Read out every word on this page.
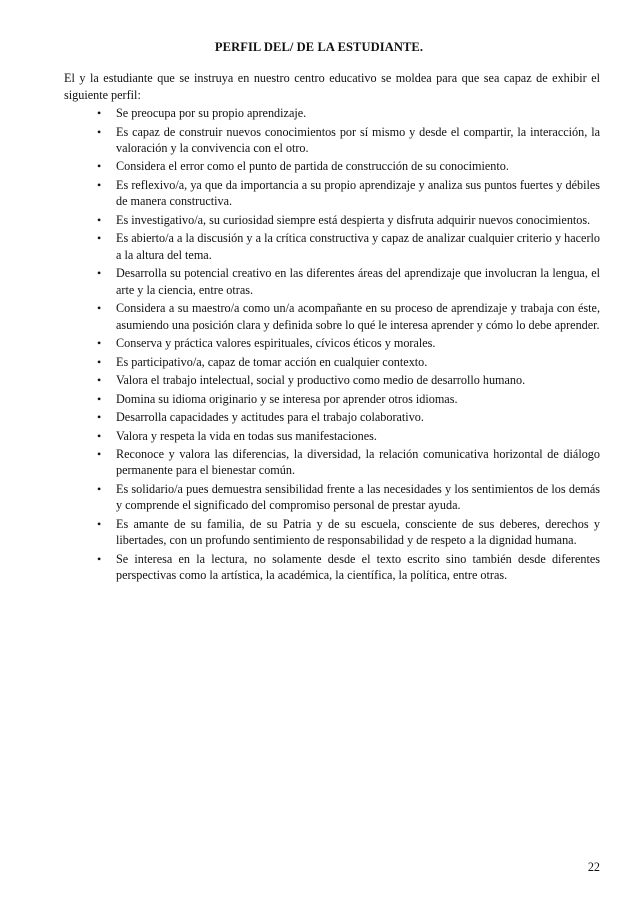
PERFIL DEL/ DE LA ESTUDIANTE.

El y la estudiante que se instruya en nuestro centro educativo se moldea para que sea capaz de exhibir el siguiente perfil:

• Se preocupa por su propio aprendizaje.
• Es capaz de construir nuevos conocimientos por sí mismo y desde el compartir, la interacción, la valoración y la convivencia con el otro.
• Considera el error como el punto de partida de construcción de su conocimiento.
• Es reflexivo/a, ya que da importancia a su propio aprendizaje y analiza sus puntos fuertes y débiles de manera constructiva.
• Es investigativo/a, su curiosidad siempre está despierta y disfruta adquirir nuevos conocimientos.
• Es abierto/a a la discusión y a la crítica constructiva y capaz de analizar cualquier criterio y hacerlo a la altura del tema.
• Desarrolla su potencial creativo en las diferentes áreas del aprendizaje que involucran la lengua, el arte y la ciencia, entre otras.
• Considera a su maestro/a como un/a acompañante en su proceso de aprendizaje y trabaja con éste, asumiendo una posición clara y definida sobre lo qué le interesa aprender y cómo lo debe aprender.
• Conserva y práctica valores espirituales, cívicos éticos y morales.
• Es participativo/a, capaz de tomar acción en cualquier contexto.
• Valora el trabajo intelectual, social y productivo como medio de desarrollo humano.
• Domina su idioma originario y se interesa por aprender otros idiomas.
• Desarrolla capacidades y actitudes para el trabajo colaborativo.
• Valora y respeta la vida en todas sus manifestaciones.
• Reconoce y valora las diferencias, la diversidad, la relación comunicativa horizontal de diálogo permanente para el bienestar común.
• Es solidario/a pues demuestra sensibilidad frente a las necesidades y los sentimientos de los demás y comprende el significado del compromiso personal de prestar ayuda.
• Es amante de su familia, de su Patria y de su escuela, consciente de sus deberes, derechos y libertades, con un profundo sentimiento de responsabilidad y de respeto a la dignidad humana.
• Se interesa en la lectura, no solamente desde el texto escrito sino también desde diferentes perspectivas como la artística, la académica, la científica, la política, entre otras.
22
